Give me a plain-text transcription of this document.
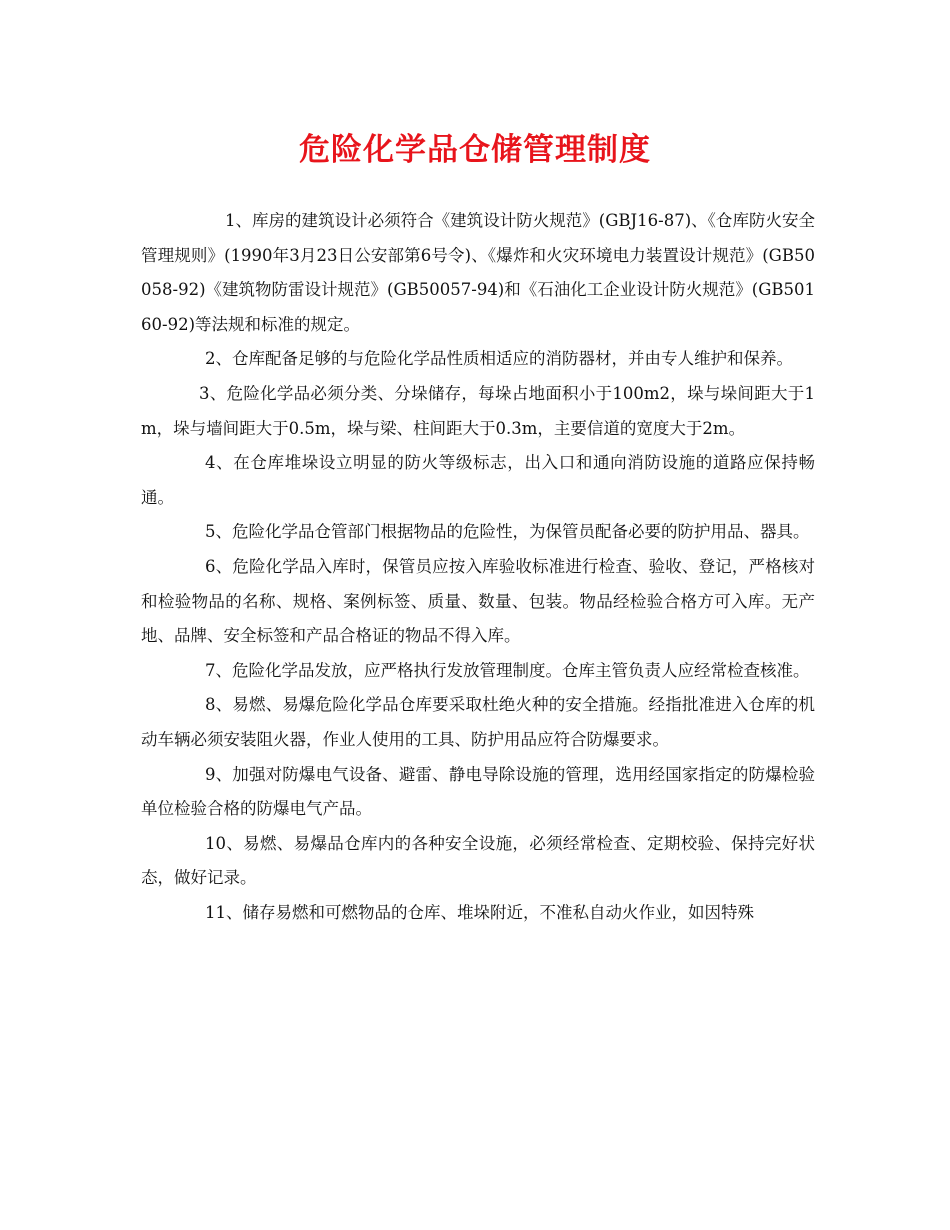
危险化学品仓储管理制度

1、库房的建筑设计必须符合《建筑设计防火规范》(GBJ16-87)、《仓库防火安全管理规则》(1990年3月23日公安部第6号令)、《爆炸和火灾环境电力装置设计规范》(GB50058-92)《建筑物防雷设计规范》(GB50057-94)和《石油化工企业设计防火规范》(GB50160-92)等法规和标准的规定。

2、仓库配备足够的与危险化学品性质相适应的消防器材，并由专人维护和保养。

3、危险化学品必须分类、分垛储存，每垛占地面积小于100m2，垛与垛间距大于1m，垛与墙间距大于0.5m，垛与梁、柱间距大于0.3m，主要信道的宽度大于2m。

4、在仓库堆垛设立明显的防火等级标志，出入口和通向消防设施的道路应保持畅通。

5、危险化学品仓管部门根据物品的危险性，为保管员配备必要的防护用品、器具。

6、危险化学品入库时，保管员应按入库验收标准进行检查、验收、登记，严格核对和检验物品的名称、规格、案例标签、质量、数量、包装。物品经检验合格方可入库。无产地、品牌、安全标签和产品合格证的物品不得入库。

7、危险化学品发放，应严格执行发放管理制度。仓库主管负责人应经常检查核准。

8、易燃、易爆危险化学品仓库要采取杜绝火种的安全措施。经指批准进入仓库的机动车辆必须安装阻火器，作业人使用的工具、防护用品应符合防爆要求。

9、加强对防爆电气设备、避雷、静电导除设施的管理，选用经国家指定的防爆检验单位检验合格的防爆电气产品。

10、易燃、易爆品仓库内的各种安全设施，必须经常检查、定期校验、保持完好状态，做好记录。

11、储存易燃和可燃物品的仓库、堆垛附近，不准私自动火作业，如因特殊
